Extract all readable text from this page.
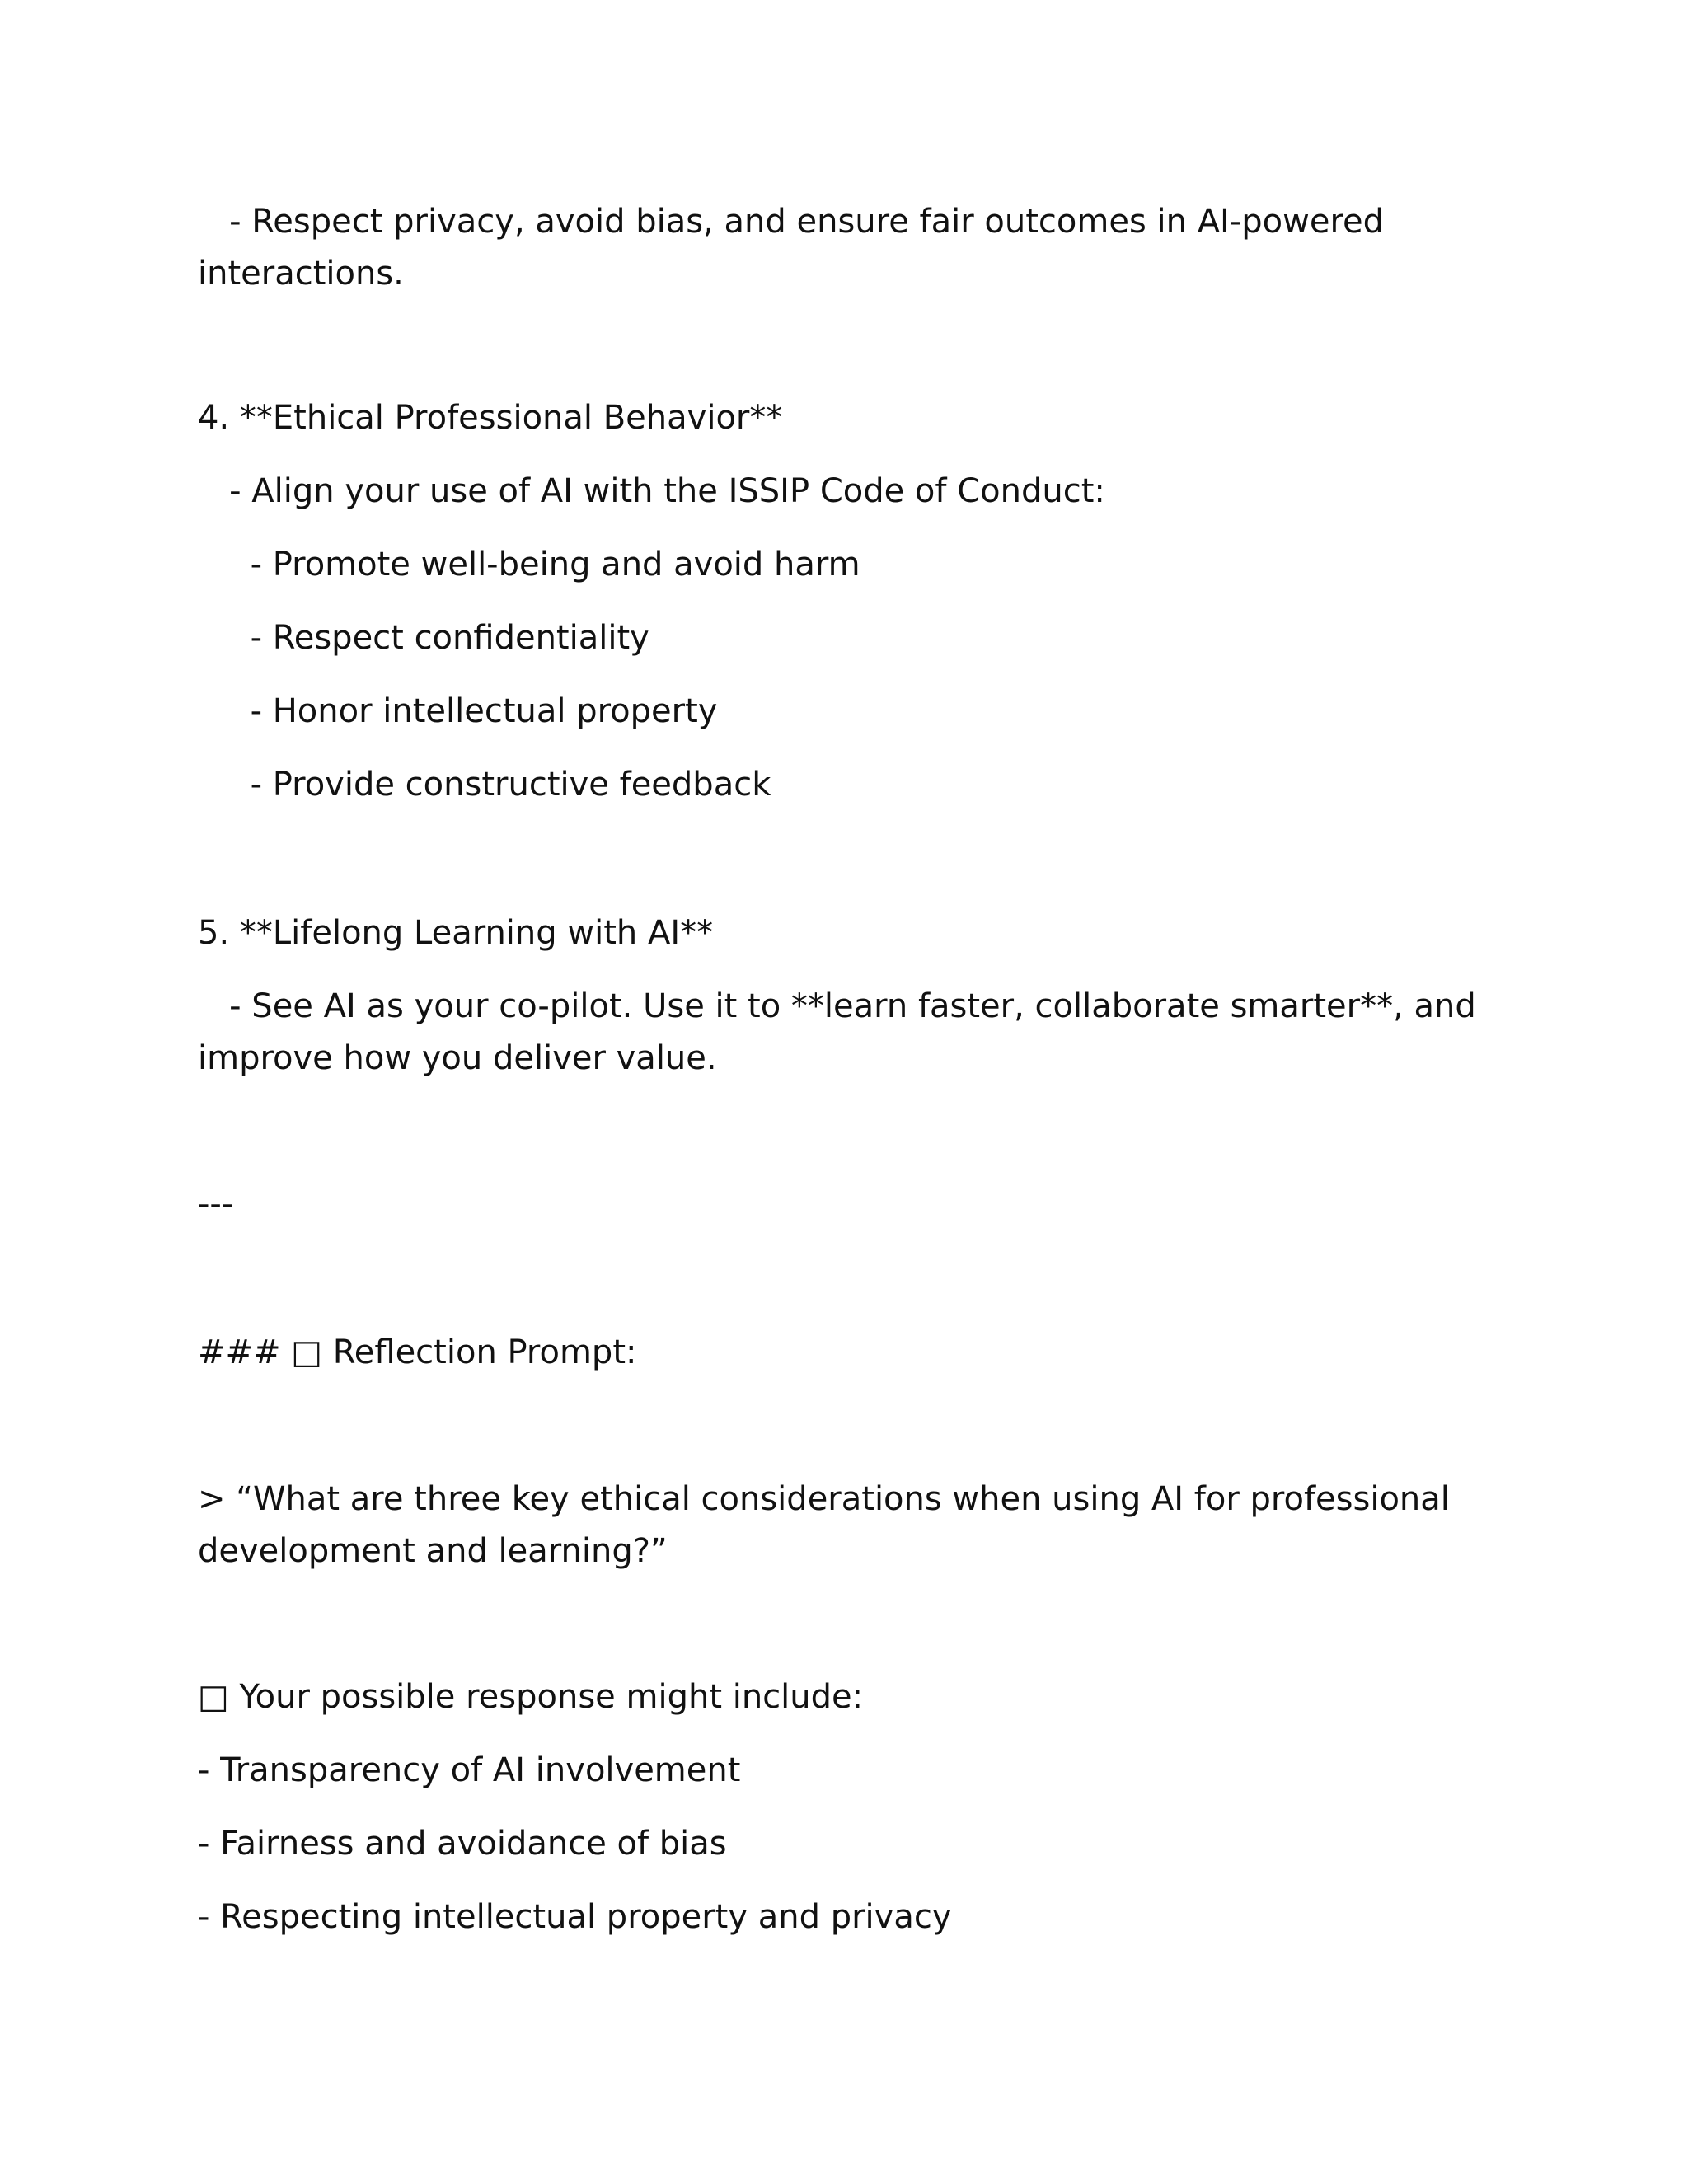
- Respect privacy, avoid bias, and ensure fair outcomes in AI-powered interactions.

4. **Ethical Professional Behavior**

- Align your use of AI with the ISSIP Code of Conduct:

- Promote well-being and avoid harm

- Respect confidentiality

- Honor intellectual property

- Provide constructive feedback

5. **Lifelong Learning with AI**

- See AI as your co-pilot. Use it to **learn faster, collaborate smarter**, and improve how you deliver value.

---

### □ Reflection Prompt:

> “What are three key ethical considerations when using AI for professional development and learning?”

□ Your possible response might include:

- Transparency of AI involvement

- Fairness and avoidance of bias

- Respecting intellectual property and privacy
